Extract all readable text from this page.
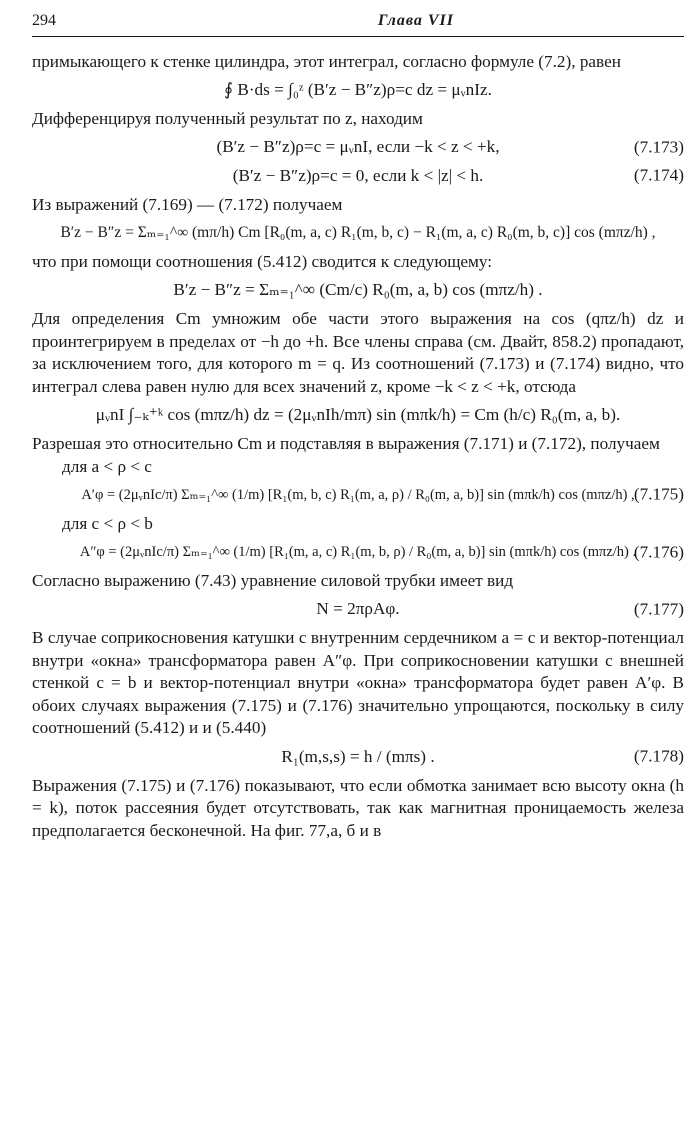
294	Глава VII

примыкающего к стенке цилиндра, этот интеграл, согласно формуле (7.2), равен

∮ B·ds = ∫₀ᶻ (B′z − B″z)ρ=c dz = μᵥnIz.

Дифференцируя полученный результат по z, находим

(B′z − B″z)ρ=c = μᵥnI, если −k < z < +k,	(7.173)
(B′z − B″z)ρ=c = 0, если k < |z| < h.	(7.174)

Из выражений (7.169) — (7.172) получаем

B′z − B″z = Σₘ₌₁^∞ (mπ/h) Cm [R₀(m, a, c) R₁(m, b, c) − R₁(m, a, c) R₀(m, b, c)] cos (mπz/h) ,

что при помощи соотношения (5.412) сводится к следующему:

B′z − B″z = Σₘ₌₁^∞ (Cm/c) R₀(m, a, b) cos (mπz/h) .

Для определения Cm умножим обе части этого выражения на cos (qπz/h) dz и проинтегрируем в пределах от −h до +h. Все члены справа (см. Двайт, 858.2) пропадают, за исключением того, для которого m = q. Из соотношений (7.173) и (7.174) видно, что интеграл слева равен нулю для всех значений z, кроме −k < z < +k, отсюда

μᵥnI ∫₋ₖ⁺ᵏ cos (mπz/h) dz = (2μᵥnIh/mπ) sin (mπk/h) = Cm (h/c) R₀(m, a, b).

Разрешая это относительно Cm и подставляя в выражения (7.171) и (7.172), получаем

для a < ρ < c

A′φ = (2μᵥnIc/π) Σₘ₌₁^∞ (1/m) [R₁(m, b, c) R₁(m, a, ρ) / R₀(m, a, b)] sin (mπk/h) cos (mπz/h) , (7.175)

для c < ρ < b

A″φ = (2μᵥnIc/π) Σₘ₌₁^∞ (1/m) [R₁(m, a, c) R₁(m, b, ρ) / R₀(m, a, b)] sin (mπk/h) cos (mπz/h) .
(7.176)

Согласно выражению (7.43) уравнение силовой трубки имеет вид

N = 2πρAφ.	(7.177)

В случае соприкосновения катушки с внутренним сердечником a = c и вектор-потенциал внутри «окна» трансформатора равен A″φ. При соприкосновении катушки с внешней стенкой c = b и вектор-потенциал внутри «окна» трансформатора будет равен A′φ. В обоих случаях выражения (7.175) и (7.176) значительно упрощаются, поскольку в силу соотношений (5.412) и и (5.440)

R₁(m,s,s) = h / (mπs) .	(7.178)

Выражения (7.175) и (7.176) показывают, что если обмотка занимает всю высоту окна (h = k), поток рассеяния будет отсутствовать, так как магнитная проницаемость железа предполагается бесконечной. На фиг. 77,а, б и в
